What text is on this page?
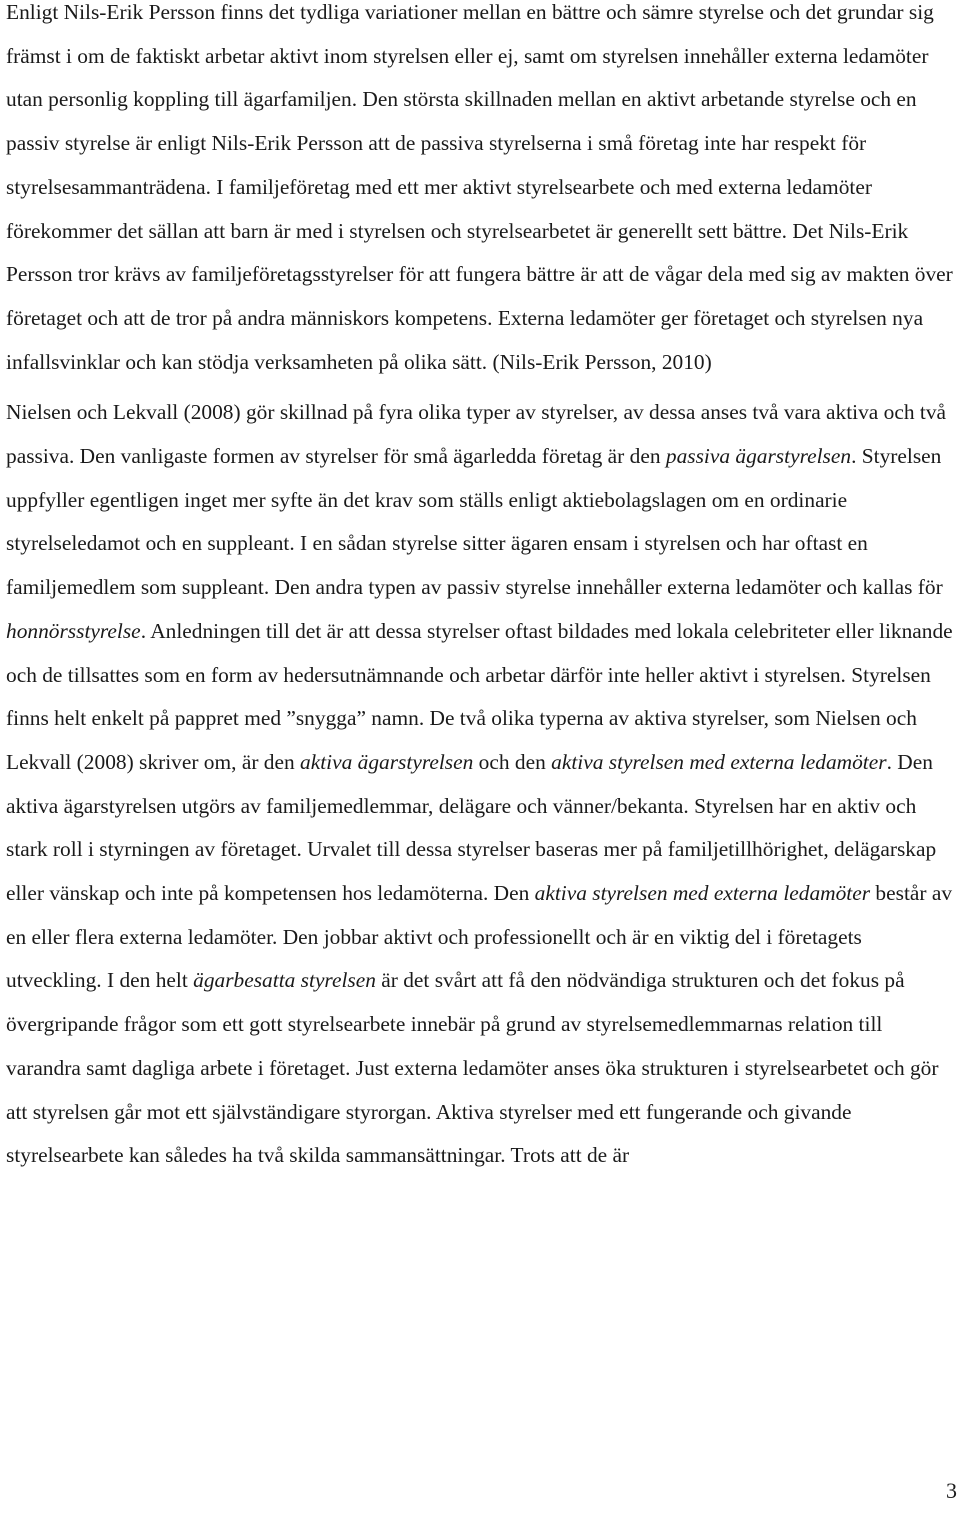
Enligt Nils-Erik Persson finns det tydliga variationer mellan en bättre och sämre styrelse och det grundar sig främst i om de faktiskt arbetar aktivt inom styrelsen eller ej, samt om styrelsen innehåller externa ledamöter utan personlig koppling till ägarfamiljen. Den största skillnaden mellan en aktivt arbetande styrelse och en passiv styrelse är enligt Nils-Erik Persson att de passiva styrelserna i små företag inte har respekt för styrelsesammanträdena. I familjeföretag med ett mer aktivt styrelsearbete och med externa ledamöter förekommer det sällan att barn är med i styrelsen och styrelsearbetet är generellt sett bättre. Det Nils-Erik Persson tror krävs av familjeföretagsstyrelser för att fungera bättre är att de vågar dela med sig av makten över företaget och att de tror på andra människors kompetens. Externa ledamöter ger företaget och styrelsen nya infallsvinklar och kan stödja verksamheten på olika sätt. (Nils-Erik Persson, 2010)

Nielsen och Lekvall (2008) gör skillnad på fyra olika typer av styrelser, av dessa anses två vara aktiva och två passiva. Den vanligaste formen av styrelser för små ägarledda företag är den passiva ägarstyrelsen. Styrelsen uppfyller egentligen inget mer syfte än det krav som ställs enligt aktiebolagslagen om en ordinarie styrelseledamot och en suppleant. I en sådan styrelse sitter ägaren ensam i styrelsen och har oftast en familjemedlem som suppleant. Den andra typen av passiv styrelse innehåller externa ledamöter och kallas för honnörsstyrelse. Anledningen till det är att dessa styrelser oftast bildades med lokala celebriteter eller liknande och de tillsattes som en form av hedersutnämnande och arbetar därför inte heller aktivt i styrelsen. Styrelsen finns helt enkelt på pappret med ”snygga” namn. De två olika typerna av aktiva styrelser, som Nielsen och Lekvall (2008) skriver om, är den aktiva ägarstyrelsen och den aktiva styrelsen med externa ledamöter. Den aktiva ägarstyrelsen utgörs av familjemedlemmar, delägare och vänner/bekanta. Styrelsen har en aktiv och stark roll i styrningen av företaget. Urvalet till dessa styrelser baseras mer på familjetillhörighet, delägarskap eller vänskap och inte på kompetensen hos ledamöterna. Den aktiva styrelsen med externa ledamöter består av en eller flera externa ledamöter. Den jobbar aktivt och professionellt och är en viktig del i företagets utveckling. I den helt ägarbesatta styrelsen är det svårt att få den nödvändiga strukturen och det fokus på övergripande frågor som ett gott styrelsearbete innebär på grund av styrelsemedlemmarnas relation till varandra samt dagliga arbete i företaget. Just externa ledamöter anses öka strukturen i styrelsearbetet och gör att styrelsen går mot ett självständigare styrorgan. Aktiva styrelser med ett fungerande och givande styrelsearbete kan således ha två skilda sammansättningar. Trots att de är

3
